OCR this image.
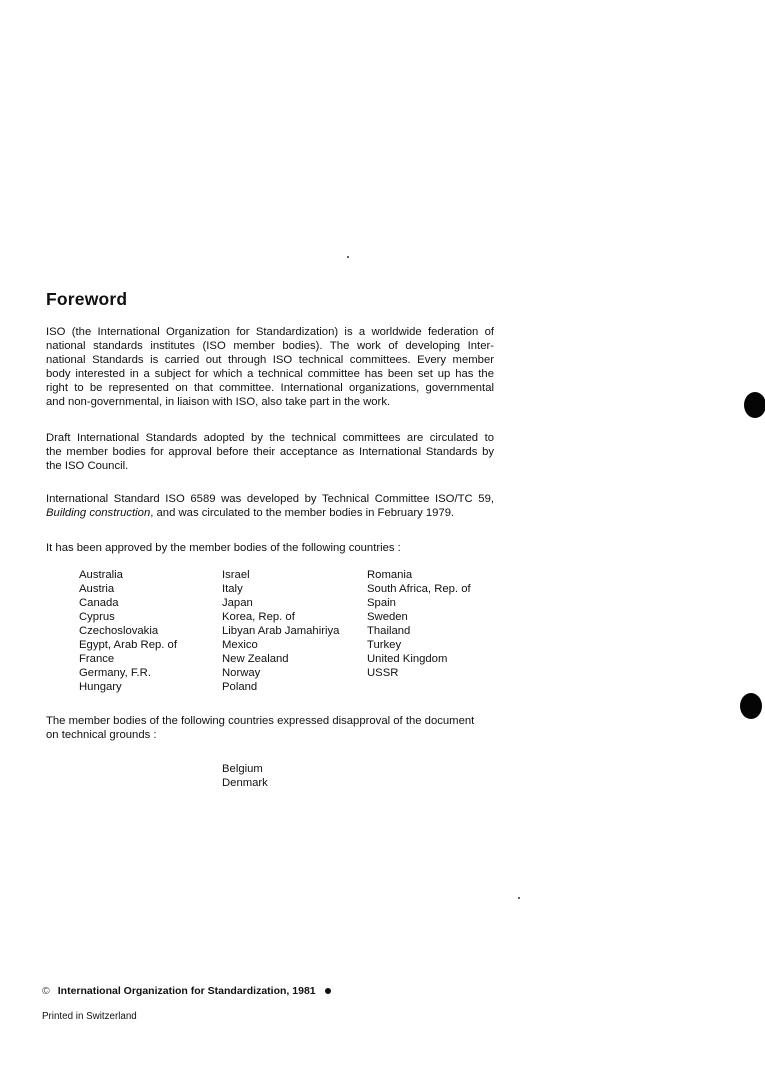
Foreword

ISO (the International Organization for Standardization) is a worldwide federation of
national standards institutes (ISO member bodies). The work of developing Inter-
national Standards is carried out through ISO technical committees. Every member
body interested in a subject for which a technical committee has been set up has the
right to be represented on that committee. International organizations, governmental
and non-governmental, in liaison with ISO, also take part in the work.

Draft International Standards adopted by the technical committees are circulated to
the member bodies for approval before their acceptance as International Standards by
the ISO Council.

International Standard ISO 6589 was developed by Technical Committee ISO/TC 59,
Building construction, and was circulated to the member bodies in February 1979.

It has been approved by the member bodies of the following countries :

Australia
Austria
Canada
Cyprus
Czechoslovakia
Egypt, Arab Rep. of
France
Germany, F.R.
Hungary
Israel
Italy
Japan
Korea, Rep. of
Libyan Arab Jamahiriya
Mexico
New Zealand
Norway
Poland
Romania
South Africa, Rep. of
Spain
Sweden
Thailand
Turkey
United Kingdom
USSR

The member bodies of the following countries expressed disapproval of the document
on technical grounds :

Belgium
Denmark
© International Organization for Standardization, 1981
Printed in Switzerland
